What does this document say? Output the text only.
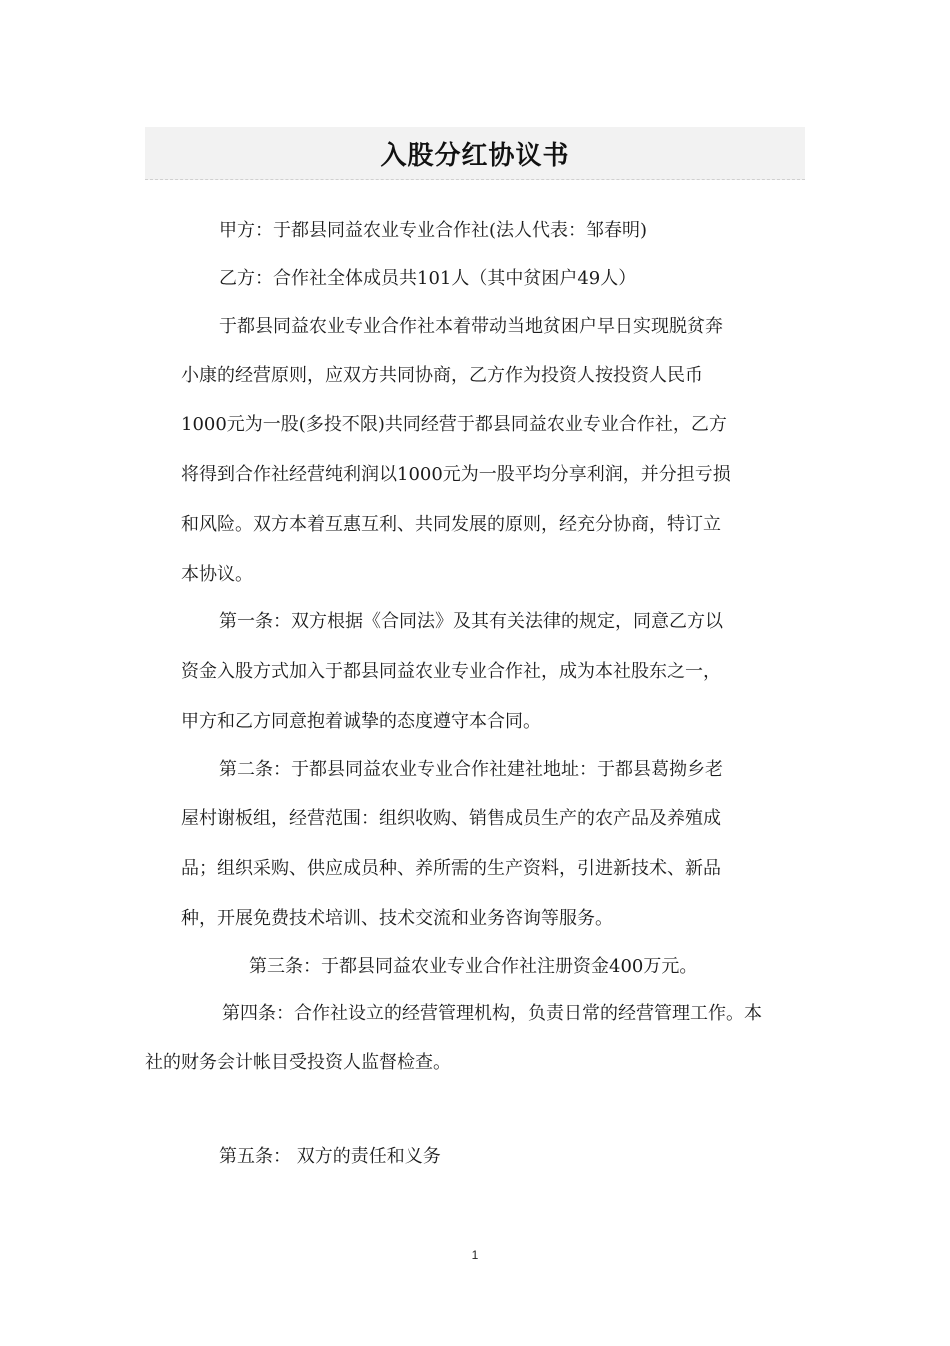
入股分红协议书
甲方：于都县同益农业专业合作社(法人代表：邹春明)
乙方：合作社全体成员共101人（其中贫困户49人）
于都县同益农业专业合作社本着带动当地贫困户早日实现脱贫奔
小康的经营原则，应双方共同协商，乙方作为投资人按投资人民币
1000元为一股(多投不限)共同经营于都县同益农业专业合作社，乙方
将得到合作社经营纯利润以1000元为一股平均分享利润，并分担亏损
和风险。双方本着互惠互利、共同发展的原则，经充分协商，特订立
本协议。
第一条：双方根据《合同法》及其有关法律的规定，同意乙方以
资金入股方式加入于都县同益农业专业合作社，成为本社股东之一，
甲方和乙方同意抱着诚挚的态度遵守本合同。
第二条：于都县同益农业专业合作社建社地址：于都县葛拗乡老
屋村谢板组，经营范围：组织收购、销售成员生产的农产品及养殖成
品；组织采购、供应成员种、养所需的生产资料，引进新技术、新品
种，开展免费技术培训、技术交流和业务咨询等服务。
第三条：于都县同益农业专业合作社注册资金400万元。
第四条：合作社设立的经营管理机构，负责日常的经营管理工作。本
社的财务会计帐目受投资人监督检查。
第五条： 双方的责任和义务
1
